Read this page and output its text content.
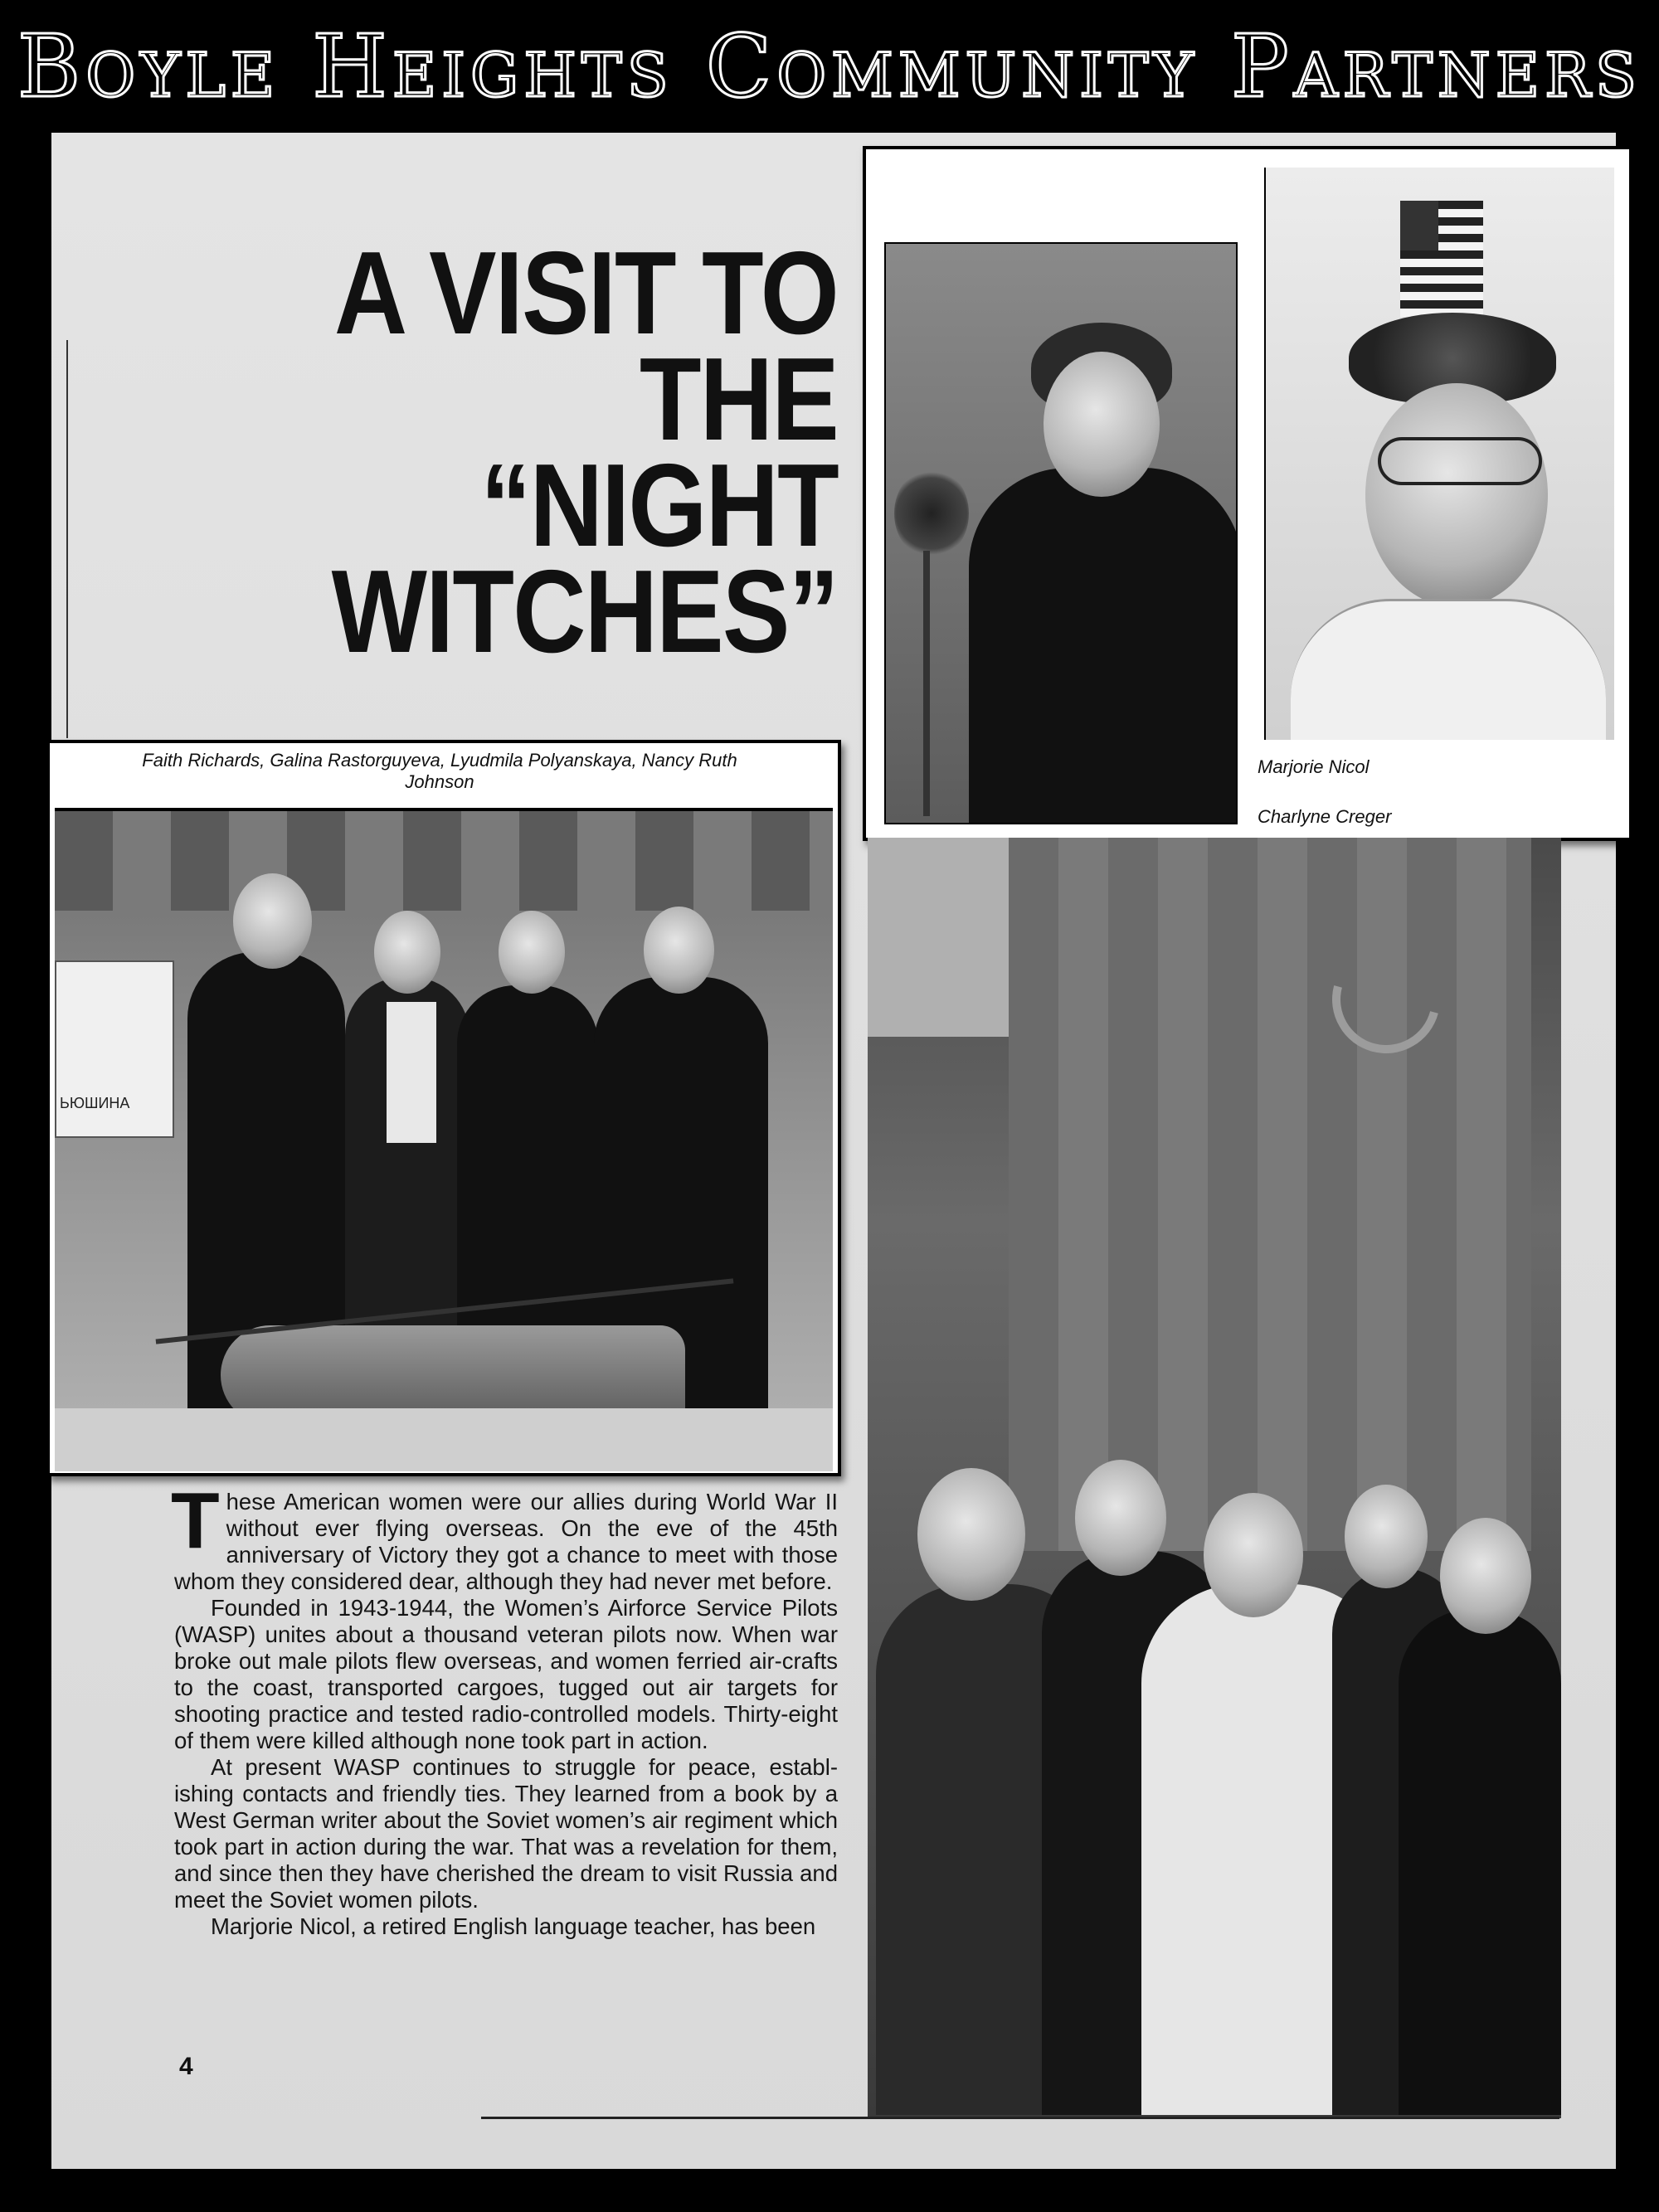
Boyle Heights Community Partners
A VISIT TO
THE “NIGHT
WITCHES”
Marjorie Nicol
Charlyne Creger
Faith Richards, Galina Rastorguyeva, Lyudmila Polyanskaya, Nancy Ruth Johnson
ЬЮШИНА

These American women were our allies during World War II without ever flying overseas. On the eve of the 45th anniversary of Victory they got a chance to meet with those whom they considered dear, although they had never met before.

Founded in 1943-1944, the Women’s Airforce Service Pilots (WASP) unites about a thousand veteran pilots now. When war broke out male pilots flew overseas, and women ferried air-crafts to the coast, transported cargoes, tugged out air targets for shooting practice and tested radio-controlled models. Thirty-eight of them were killed although none took part in action.

At present WASP continues to struggle for peace, establ-ishing contacts and friendly ties. They learned from a book by a West German writer about the Soviet women’s air regiment which took part in action during the war. That was a revelation for them, and since then they have cherished the dream to visit Russia and meet the Soviet women pilots.

Marjorie Nicol, a retired English language teacher, has been

4
